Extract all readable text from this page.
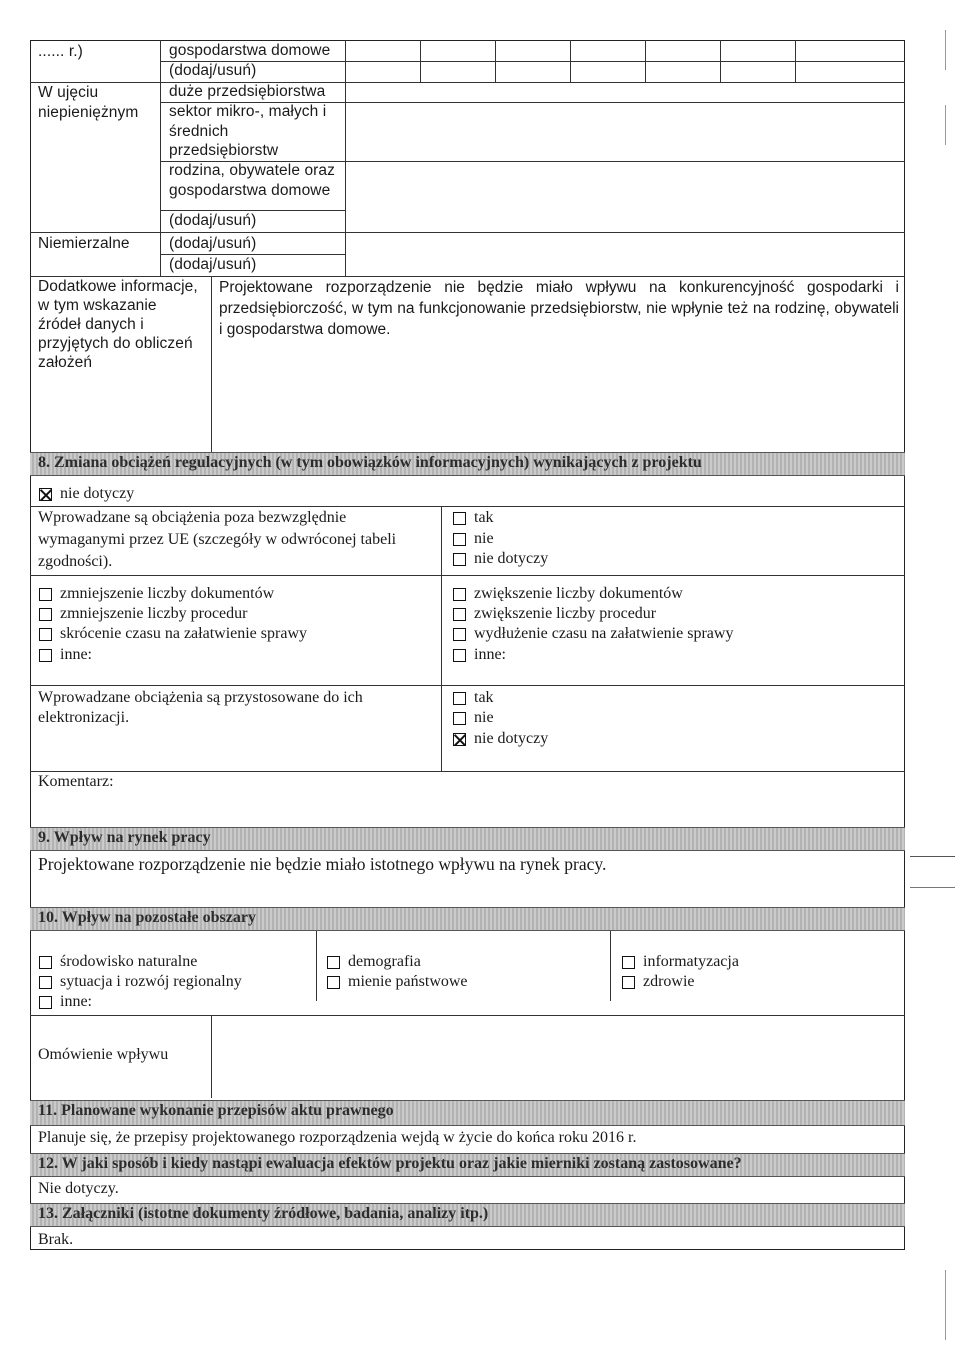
...... r.)
W ujęciu
niepieniężnym
Niemierzalne
gospodarstwa domowe
(dodaj/usuń)
duże przedsiębiorstwa
sektor mikro-, małych i
średnich
przedsiębiorstw
rodzina, obywatele oraz
gospodarstwa domowe
(dodaj/usuń)
(dodaj/usuń)
(dodaj/usuń)
Dodatkowe informacje,
w tym wskazanie
źródeł danych i
przyjętych do obliczeń
założeń
Projektowane rozporządzenie nie będzie miało wpływu na konkurencyjność gospodarki i przedsiębiorczość, w tym na funkcjonowanie przedsiębiorstw, nie wpłynie też na rodzinę, obywateli i gospodarstwa domowe.
8. Zmiana obciążeń regulacyjnych (w tym obowiązków informacyjnych) wynikających z projektu
nie dotyczy
Wprowadzane są obciążenia poza bezwzględnie
wymaganymi przez UE (szczegóły w odwróconej tabeli
zgodności).
tak
nie
nie dotyczy
zmniejszenie liczby dokumentów
zmniejszenie liczby procedur
skrócenie czasu na załatwienie sprawy
inne:
zwiększenie liczby dokumentów
zwiększenie liczby procedur
wydłużenie czasu na załatwienie sprawy
inne:
Wprowadzane obciążenia są przystosowane do ich
elektronizacji.
tak
nie
nie dotyczy
Komentarz:
9. Wpływ na rynek pracy
Projektowane rozporządzenie nie będzie miało istotnego wpływu na rynek pracy.
10. Wpływ na pozostałe obszary
środowisko naturalne
sytuacja i rozwój regionalny
inne:
demografia
mienie państwowe
informatyzacja
zdrowie
Omówienie wpływu
11. Planowane wykonanie przepisów aktu prawnego
Planuje się, że przepisy projektowanego rozporządzenia wejdą w życie do końca roku 2016 r.
12. W jaki sposób i kiedy nastąpi ewaluacja efektów projektu oraz jakie mierniki zostaną zastosowane?
Nie dotyczy.
13. Załączniki (istotne dokumenty źródłowe, badania, analizy itp.)
Brak.
